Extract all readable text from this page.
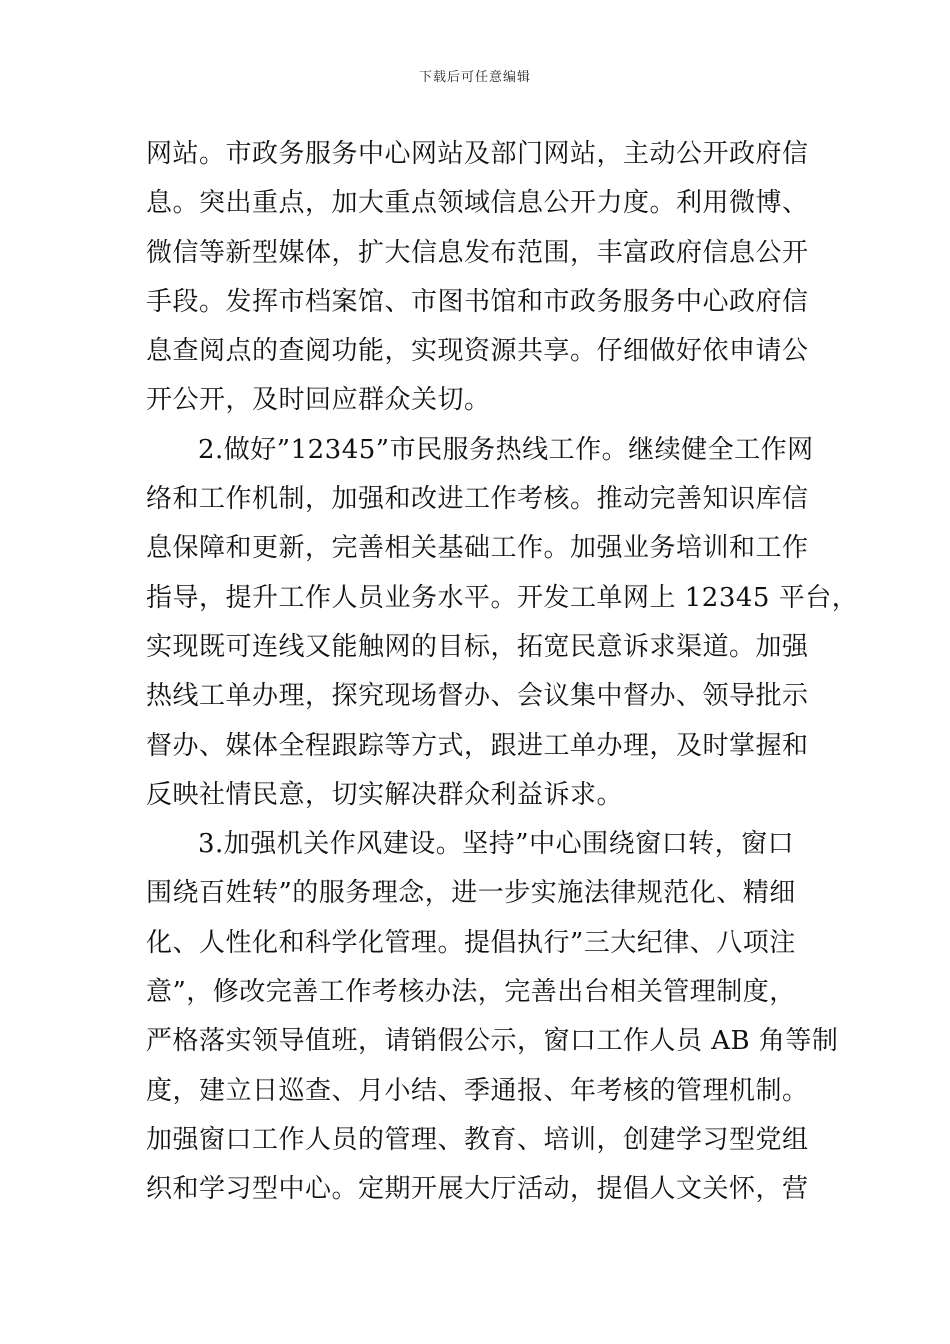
下载后可任意编辑
网站。市政务服务中心网站及部门网站，主动公开政府信
息。突出重点，加大重点领域信息公开力度。利用微博、
微信等新型媒体，扩大信息发布范围，丰富政府信息公开
手段。发挥市档案馆、市图书馆和市政务服务中心政府信
息查阅点的查阅功能，实现资源共享。仔细做好依申请公
开公开，及时回应群众关切。
2.做好”12345”市民服务热线工作。继续健全工作网
络和工作机制，加强和改进工作考核。推动完善知识库信
息保障和更新，完善相关基础工作。加强业务培训和工作
指导，提升工作人员业务水平。开发工单网上 12345 平台，
实现既可连线又能触网的目标，拓宽民意诉求渠道。加强
热线工单办理，探究现场督办、会议集中督办、领导批示
督办、媒体全程跟踪等方式，跟进工单办理，及时掌握和
反映社情民意，切实解决群众利益诉求。
3.加强机关作风建设。坚持”中心围绕窗口转，窗口
围绕百姓转”的服务理念，进一步实施法律规范化、精细
化、人性化和科学化管理。提倡执行”三大纪律、八项注
意”，修改完善工作考核办法，完善出台相关管理制度，
严格落实领导值班，请销假公示，窗口工作人员 AB 角等制
度，建立日巡查、月小结、季通报、年考核的管理机制。
加强窗口工作人员的管理、教育、培训，创建学习型党组
织和学习型中心。定期开展大厅活动，提倡人文关怀，营
